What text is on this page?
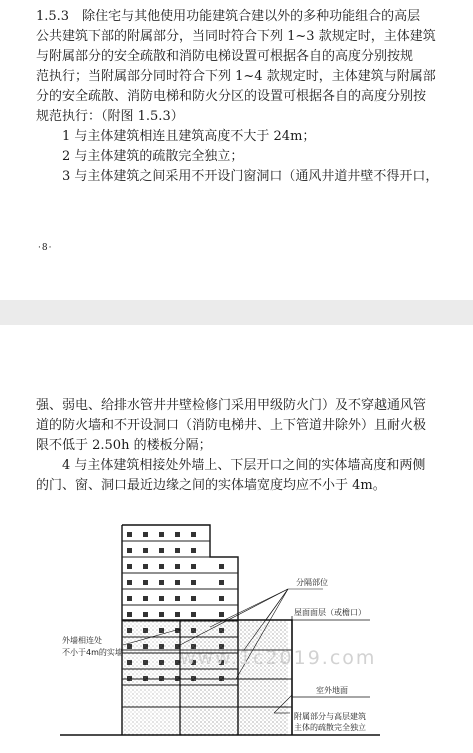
1.5.3　除住宅与其他使用功能建筑合建以外的多种功能组合的高层
公共建筑下部的附属部分，当同时符合下列 1~3 款规定时，主体建筑
与附属部分的安全疏散和消防电梯设置可根据各自的高度分别按规
范执行；当附属部分同时符合下列 1~4 款规定时，主体建筑与附属部
分的安全疏散、消防电梯和防火分区的设置可根据各自的高度分别按
规范执行：（附图 1.5.3）
1 与主体建筑相连且建筑高度不大于 24m；
2 与主体建筑的疏散完全独立；
3 与主体建筑之间采用不开设门窗洞口（通风井道井壁不得开口，
·8·
强、弱电、给排水管井井壁检修门采用甲级防火门）及不穿越通风管
道的防火墙和不开设洞口（消防电梯井、上下管道井除外）且耐火极
限不低于 2.50h 的楼板分隔；
4 与主体建筑相接处外墙上、下层开口之间的实体墙高度和两侧
的门、窗、洞口最近边缘之间的实体墙宽度均应不小于 4m。
分隔部位
屋面面层（或檐口）
室外地面
外墙相连处
不小于4m的实墙
附属部分与高层建筑
主体的疏散完全独立
www.1c2019.com
